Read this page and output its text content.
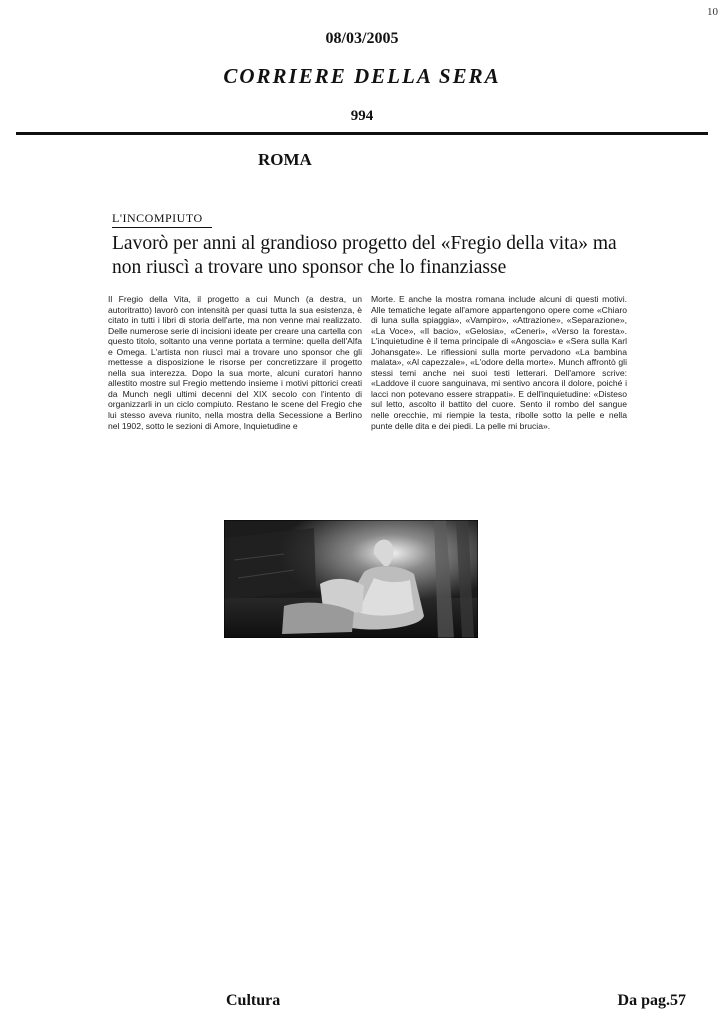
10
08/03/2005
CORRIERE DELLA SERA
994
ROMA
L'INCOMPIUTO
Lavorò per anni al grandioso progetto del «Fregio della vita» ma non riuscì a trovare uno sponsor che lo finanziasse
Il Fregio della Vita, il progetto a cui Munch (a destra, un autoritratto) lavorò con intensità per quasi tutta la sua esistenza, è citato in tutti i libri di storia dell'arte, ma non venne mai realizzato. Delle numerose serie di incisioni ideate per creare una cartella con questo titolo, soltanto una venne portata a termine: quella dell'Alfa e Omega. L'artista non riuscì mai a trovare uno sponsor che gli mettesse a disposizione le risorse per concretizzare il progetto nella sua interezza. Dopo la sua morte, alcuni curatori hanno allestito mostre sul Fregio mettendo insieme i motivi pittorici creati da Munch negli ultimi decenni del XIX secolo con l'intento di organizzarli in un ciclo compiuto. Restano le scene del Fregio che lui stesso aveva riunito, nella mostra della Secessione a Berlino nel 1902, sotto le sezioni di Amore, Inquietudine e
Morte. E anche la mostra romana include alcuni di questi motivi. Alle tematiche legate all'amore appartengono opere come «Chiaro di luna sulla spiaggia», «Vampiro», «Attrazione», «Separazione», «La Voce», «Il bacio», «Gelosia», «Ceneri», «Verso la foresta». L'inquietudine è il tema principale di «Angoscia» e «Sera sulla Karl Johansgate». Le riflessioni sulla morte pervadono «La bambina malata», «Al capezzale», «L'odore della morte». Munch affrontò gli stessi temi anche nei suoi testi letterari. Dell'amore scrive: «Laddove il cuore sanguinava, mi sentivo ancora il dolore, poiché i lacci non potevano essere strappati». E dell'inquietudine: «Disteso sul letto, ascolto il battito del cuore. Sento il rombo del sangue nelle orecchie, mi riempie la testa, ribolle sotto la pelle e nella punte delle dita e dei piedi. La pelle mi brucia».
Cultura	Da pag.57
